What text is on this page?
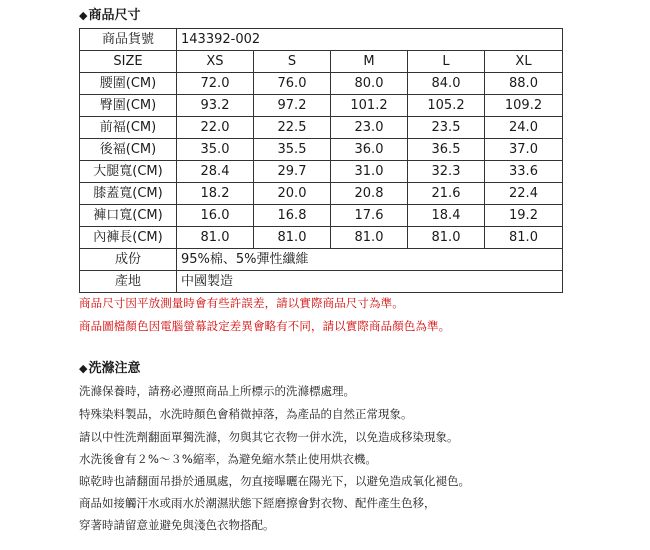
◆ 商品尺寸
商品貨號	143392-002				
SIZE	XS	S	M	L	XL
腰圍(CM)	72.0	76.0	80.0	84.0	88.0
臀圍(CM)	93.2	97.2	101.2	105.2	109.2
前褔(CM)	22.0	22.5	23.0	23.5	24.0
後褔(CM)	35.0	35.5	36.0	36.5	37.0
大腿寬(CM)	28.4	29.7	31.0	32.3	33.6
膝蓋寬(CM)	18.2	20.0	20.8	21.6	22.4
褲口寬(CM)	16.0	16.8	17.6	18.4	19.2
內褲長(CM)	81.0	81.0	81.0	81.0	81.0
成份	95%棉、5%彈性纖維				
產地	中國製造				
商品尺寸因平放測量時會有些許誤差，請以實際商品尺寸為準。
商品圖檔顏色因電腦螢幕設定差異會略有不同，請以實際商品顏色為準。
◆ 洗滌注意
洗滌保養時，請務必遵照商品上所標示的洗滌標處理。
特殊染料製品，水洗時顏色會稍微掉落，為產品的自然正常現象。
請以中性洗劑翻面單獨洗滌，勿與其它衣物一併水洗，以免造成移染現象。
水洗後會有２%～３%縮率，為避免縮水禁止使用烘衣機。
晾乾時也請翻面吊掛於通風處，勿直接曝曬在陽光下，以避免造成氧化褪色。
商品如接觸汗水或雨水於潮濕狀態下經磨擦會對衣物、配件產生色移，
穿著時請留意並避免與淺色衣物搭配。
